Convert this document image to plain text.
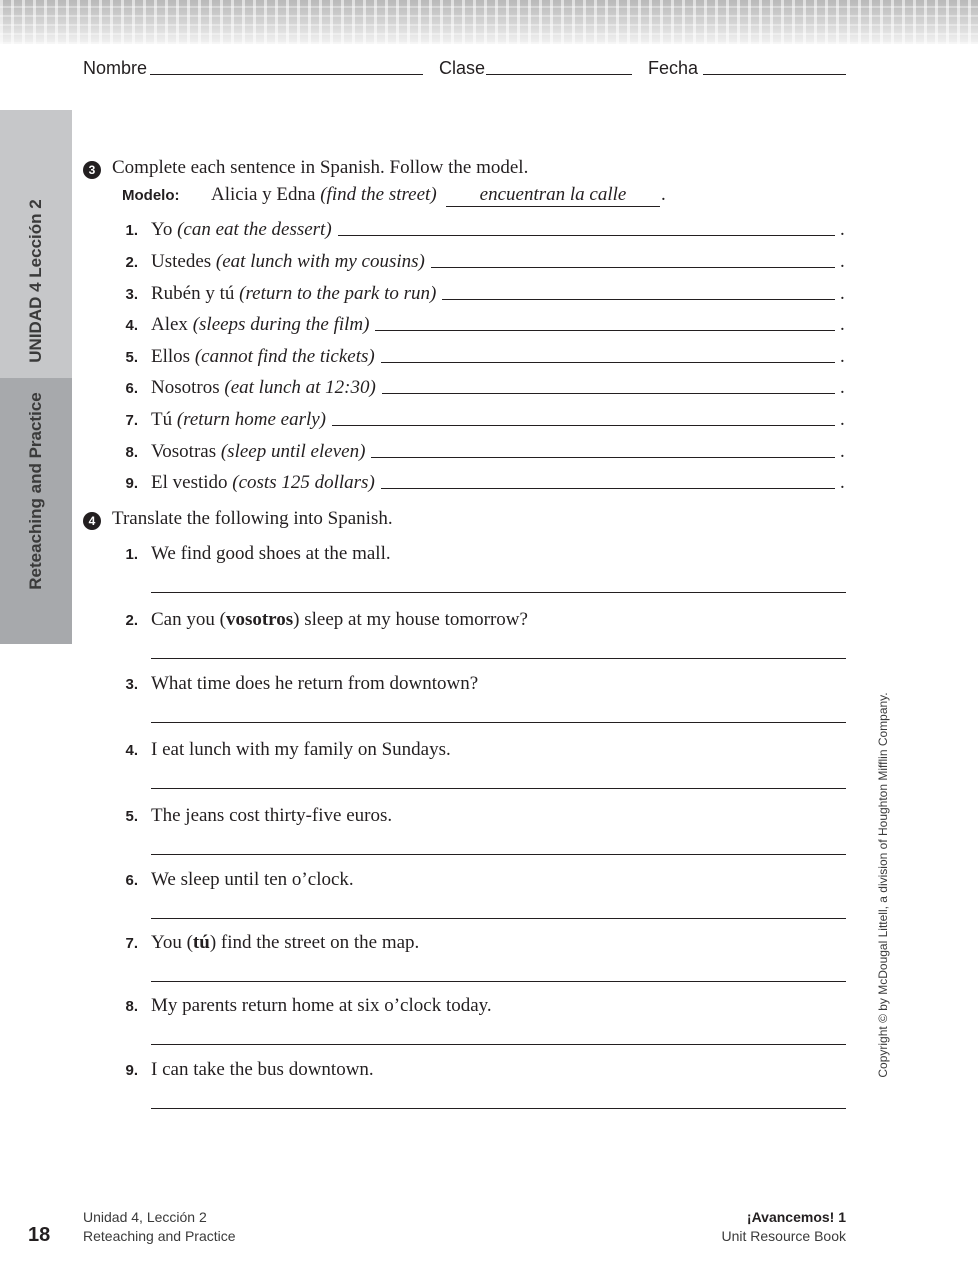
Nombre	Clase	Fecha
UNIDAD 4 Lección 2
Reteaching and Practice
3 Complete each sentence in Spanish. Follow the model.
Modelo: Alicia y Edna (find the street)	encuentran la calle	.
1. Yo (can eat the dessert)	.
2. Ustedes (eat lunch with my cousins)	.
3. Rubén y tú (return to the park to run)	.
4. Alex (sleeps during the film)	.
5. Ellos (cannot find the tickets)	.
6. Nosotros (eat lunch at 12:30)	.
7. Tú (return home early)	.
8. Vosotras (sleep until eleven)	.
9. El vestido (costs 125 dollars)	.
4 Translate the following into Spanish.
1. We find good shoes at the mall.
2. Can you (vosotros) sleep at my house tomorrow?
3. What time does he return from downtown?
4. I eat lunch with my family on Sundays.
5. The jeans cost thirty-five euros.
6. We sleep until ten o’clock.
7. You (tú) find the street on the map.
8. My parents return home at six o’clock today.
9. I can take the bus downtown.	Copyright © by McDougal Littell, a division of Houghton Mifflin Company.
18
Unidad 4, Lección 2
Reteaching and Practice
¡Avancemos! 1
Unit Resource Book
